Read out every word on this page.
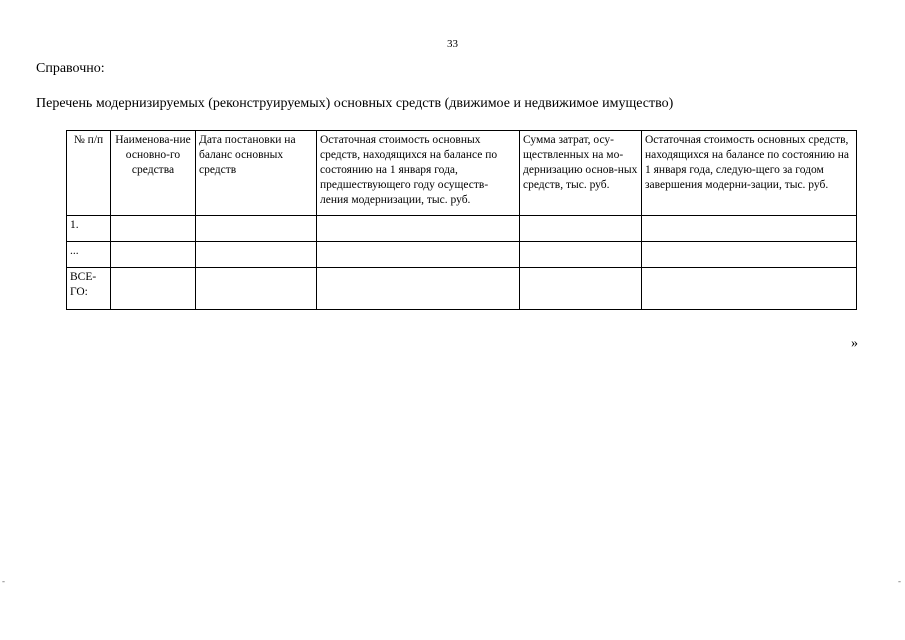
33
Справочно:
Перечень модернизируемых (реконструируемых) основных средств (движимое и недвижимое имущество)
№ п/п	Наименова-ние основно-го средства	Дата постановки на баланс основных средств	Остаточная стоимость основных средств, находящихся на балансе по состоянию на 1 января года, предшествующего году осуществ-ления модернизации, тыс. руб.	Сумма затрат, осу-ществленных на мо-дернизацию основ-ных средств, тыс. руб.	Остаточная стоимость основных средств, находящихся на балансе по состоянию на 1 января года, следую-щего за годом завершения модерни-зации, тыс. руб.
1.					
...					
ВСЕ-ГО:					
»
-	-
